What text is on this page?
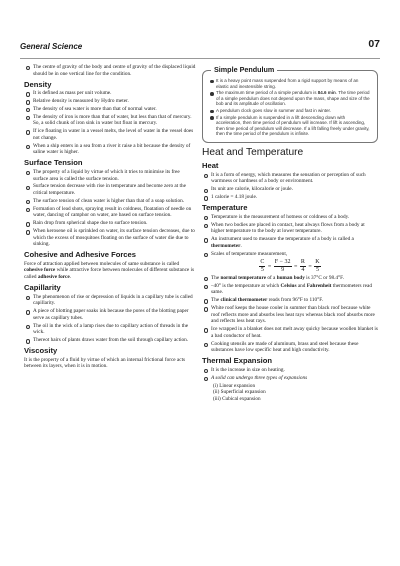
General Science	07
The centre of gravity of the body and centre of gravity of the displaced liquid should be in one vertical line for the condition.
Density
It is defined as mass per unit volume.
Relative density is measured by Hydro meter.
The density of sea water is more than that of normal water.
The density of iron is more than that of water, but less than that of mercury. So, a solid chunk of iron sink in water but float in mercury.
If ice floating in water in a vessel melts, the level of water in the vessel does not change.
When a ship enters in a sea from a river it raise a bit because the density of saline water is higher.
Surface Tension
The property of a liquid by virtue of which it tries to minimise its free surface area is called the surface tension.
Surface tension decrease with rise in temperature and become zero at the critical temperature.
The surface tension of clean water is higher than that of a soap solution.
Formation of lead shots, spraying result in coldness, floatation of needle on water, dancing of camphor on water, are based on surface tension.
Rain drop from spherical shape due to surface tension.
When kerosene oil is sprinkled on water, its surface tension decreases, due to which the excess of mosquitoes floating on the surface of water die due to sinking.
Cohesive and Adhesive Forces

Force of attraction applied between molecules of same substance is called cohesive force while attractive force between molecules of different substance is called adhesive force.

Capillarity
The phenomenon of rise or depression of liquids in a capillary tube is called capillarity.
A piece of blotting paper soaks ink because the pores of the blotting paper serve as capillary tubes.
The oil in the wick of a lamp rises due to capillary action of threads in the wick.
Thereot hairs of plants draws water from the soil through capillary action.
Viscosity

It is the property of a fluid by virtue of which an internal frictional force acts between its layers, when it is in motion.

Simple Pendulum
It is a heavy point mass suspended from a rigid support by means of an elastic and inextensible string.
The maximum time period of a simple pendulum is 84.6 min. The time period of a simple pendulum does not depend upon the mass, shape and size of the bob and its amplitude of oscillation.
A pendulum clock goes slow in summer and fast in winter.
If a simple pendulum is suspended in a lift descending down with acceleration, then time period of pendulum will increase. If lift is ascending, then time period of pendulum will decrease. If a lift falling freely under gravity, then the time period of the pendulum is infinite.
Heat and Temperature
Heat
It is a form of energy, which measures the sensation or perception of such warmness or hardness of a body or environment.
Its unit are calorie, kilocalorie or joule.
1 calorie = 4.18 joule.
Temperature
Temperature is the measurement of hotness or coldness of a body.
When two bodies are placed in contact, heat always flows from a body at higher temperature to the body at lower temperature.
An instrument used to measure the temperature of a body is called a thermometer.
Scales of temperature measurement,
$\frac{C}{5} = \frac{F - 32}{9} = \frac{R}{4} = \frac{K}{5}$
The normal temperature of a human body is 37°C or 98.4°F.
–40° is the temperature at which Celsius and Fahrenheit thermometers read same.
The clinical thermometer reads from 96°F to 110°F.
White roof keeps the house cooler in summer than black roof because white roof reflects more and absorbs less heat rays whereas black roof absorbs more and reflects less heat rays.
Ice wrapped in a blanket does not melt away quicky because woollen blanket is a bad conductor of heat.
Cooking utensils are made of aluminum, brass and steel because these substances have low specific heat and high conductivity.
Thermal Expansion
It is the increase in size on heating.
A solid can undergo three types of expansions
(i) Linear expansion
(ii) Superficial expansion
(iii) Cubical expansion
